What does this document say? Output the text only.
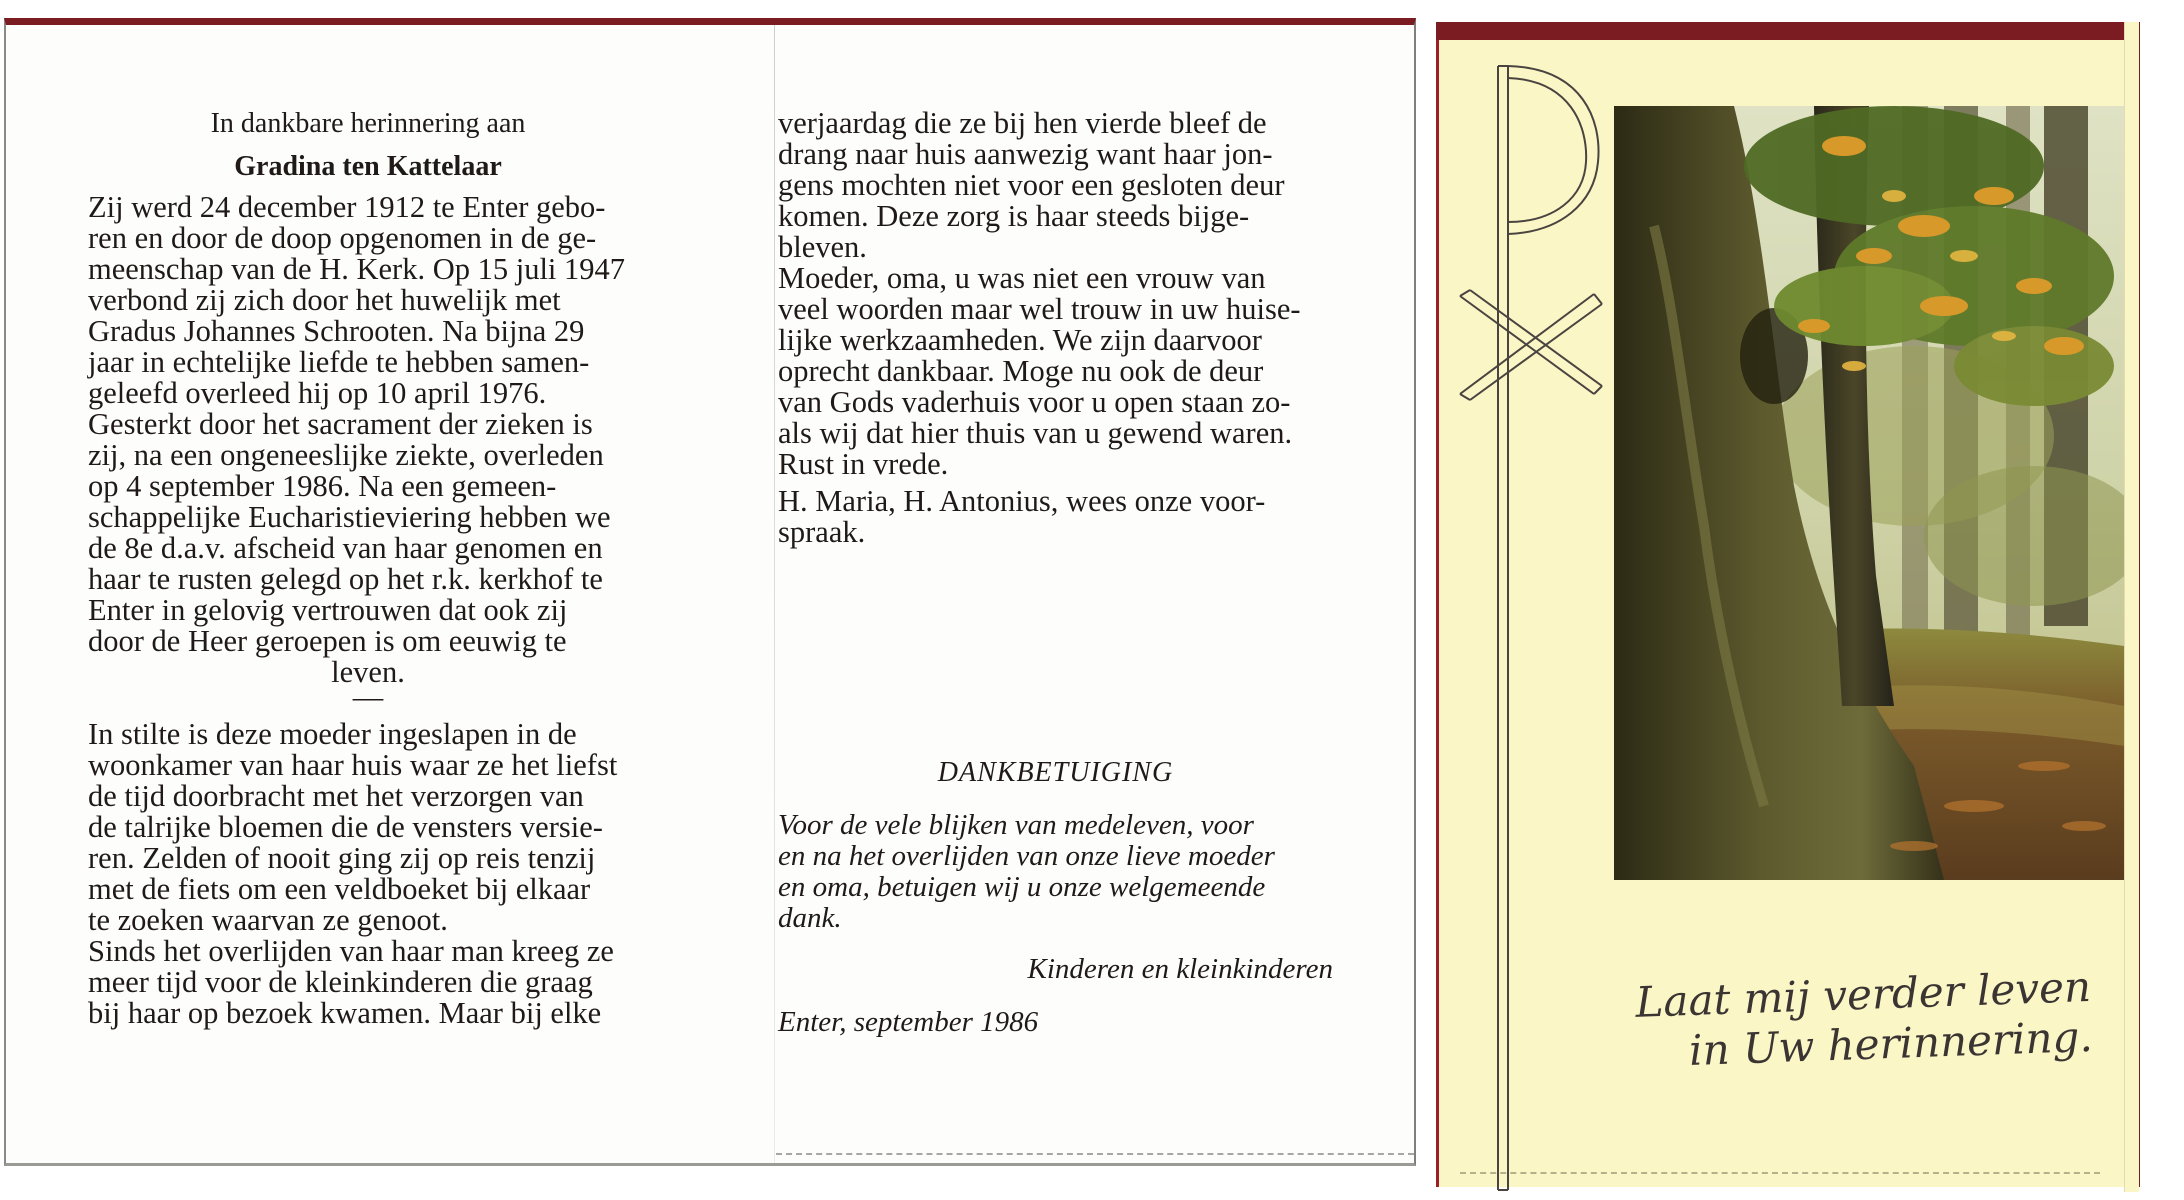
In dankbare herinnering aan

Gradina ten Kattelaar

Zij werd 24 december 1912 te Enter gebo-

ren en door de doop opgenomen in de ge-

meenschap van de H. Kerk. Op 15 juli 1947

verbond zij zich door het huwelijk met

Gradus Johannes Schrooten. Na bijna 29

jaar in echtelijke liefde te hebben samen-

geleefd overleed hij op 10 april 1976.

Gesterkt door het sacrament der zieken is

zij, na een ongeneeslijke ziekte, overleden

op 4 september 1986. Na een gemeen-

schappelijke Eucharistieviering hebben we

de 8e d.a.v. afscheid van haar genomen en

haar te rusten gelegd op het r.k. kerkhof te

Enter in gelovig vertrouwen dat ook zij

door de Heer geroepen is om eeuwig te

leven.

—

In stilte is deze moeder ingeslapen in de

woonkamer van haar huis waar ze het liefst

de tijd doorbracht met het verzorgen van

de talrijke bloemen die de vensters versie-

ren. Zelden of nooit ging zij op reis tenzij

met de fiets om een veldboeket bij elkaar

te zoeken waarvan ze genoot.

Sinds het overlijden van haar man kreeg ze

meer tijd voor de kleinkinderen die graag

bij haar op bezoek kwamen. Maar bij elke

verjaardag die ze bij hen vierde bleef de

drang naar huis aanwezig want haar jon-

gens mochten niet voor een gesloten deur

komen. Deze zorg is haar steeds bijge-

bleven.

Moeder, oma, u was niet een vrouw van

veel woorden maar wel trouw in uw huise-

lijke werkzaamheden. We zijn daarvoor

oprecht dankbaar. Moge nu ook de deur

van Gods vaderhuis voor u open staan zo-

als wij dat hier thuis van u gewend waren.

Rust in vrede.

H. Maria, H. Antonius, wees onze voor-

spraak.

DANKBETUIGING

Voor de vele blijken van medeleven, voor

en na het overlijden van onze lieve moeder

en oma, betuigen wij u onze welgemeende

dank.

Kinderen en kleinkinderen
Enter, september 1986	Laat mij verder leven
in Uw herinnering.
